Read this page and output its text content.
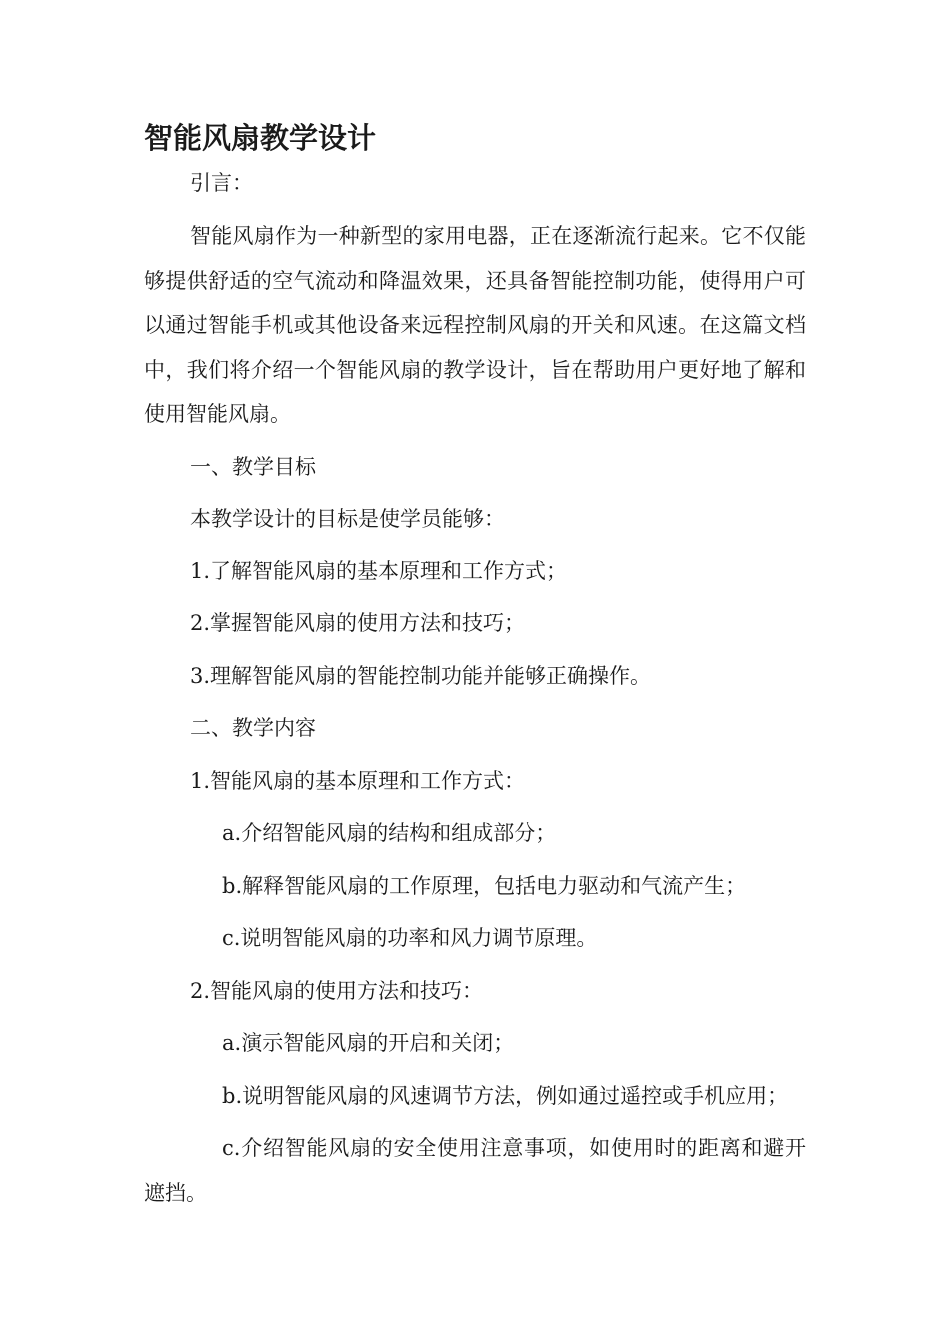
智能风扇教学设计

引言：

智能风扇作为一种新型的家用电器，正在逐渐流行起来。它不仅能够提供舒适的空气流动和降温效果，还具备智能控制功能，使得用户可以通过智能手机或其他设备来远程控制风扇的开关和风速。在这篇文档中，我们将介绍一个智能风扇的教学设计，旨在帮助用户更好地了解和使用智能风扇。

一、教学目标

本教学设计的目标是使学员能够：

1.了解智能风扇的基本原理和工作方式；

2.掌握智能风扇的使用方法和技巧；

3.理解智能风扇的智能控制功能并能够正确操作。

二、教学内容

1.智能风扇的基本原理和工作方式：

a.介绍智能风扇的结构和组成部分；

b.解释智能风扇的工作原理，包括电力驱动和气流产生；

c.说明智能风扇的功率和风力调节原理。

2.智能风扇的使用方法和技巧：

a.演示智能风扇的开启和关闭；

b.说明智能风扇的风速调节方法，例如通过遥控或手机应用；

c.介绍智能风扇的安全使用注意事项，如使用时的距离和避开遮挡。
